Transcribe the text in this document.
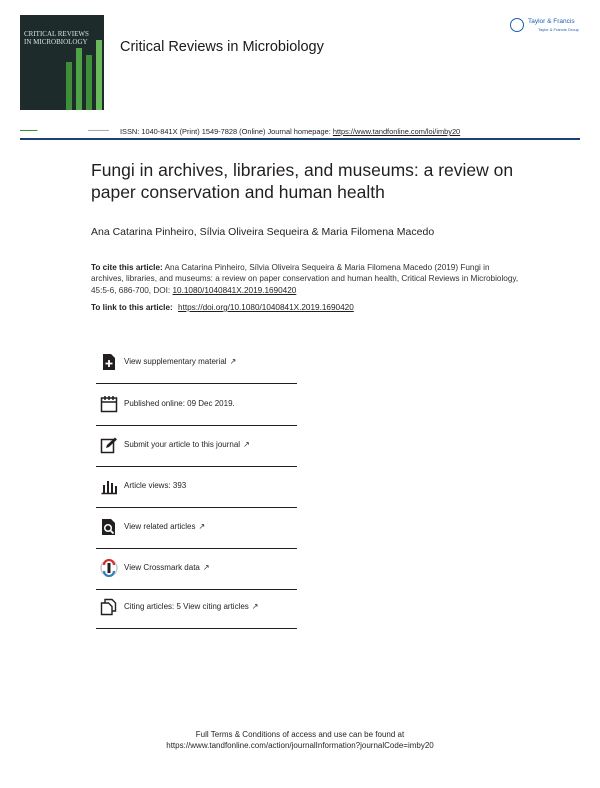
CRITICAL REVIEWS
IN MICROBIOLOGY	Critical Reviews in Microbiology
Taylor & Francis
Taylor & Francis Group
▬▬▬▬▬	▬▬▬▬▬▬ ISSN: 1040-841X (Print) 1549-7828 (Online) Journal homepage: https://www.tandfonline.com/loi/imby20
Fungi in archives, libraries, and museums: a review on paper conservation and human health
Ana Catarina Pinheiro, Sílvia Oliveira Sequeira & Maria Filomena Macedo
To cite this article: Ana Catarina Pinheiro, Sílvia Oliveira Sequeira & Maria Filomena Macedo (2019) Fungi in archives, libraries, and museums: a review on paper conservation and human health, Critical Reviews in Microbiology, 45:5-6, 686-700, DOI: 10.1080/1040841X.2019.1690420
To link to this article: https://doi.org/10.1080/1040841X.2019.1690420
View supplementary material ↗
Published online: 09 Dec 2019.
Submit your article to this journal ↗
Article views: 393
View related articles ↗
View Crossmark data ↗
Citing articles: 5 View citing articles ↗
Full Terms & Conditions of access and use can be found at
https://www.tandfonline.com/action/journalInformation?journalCode=imby20
